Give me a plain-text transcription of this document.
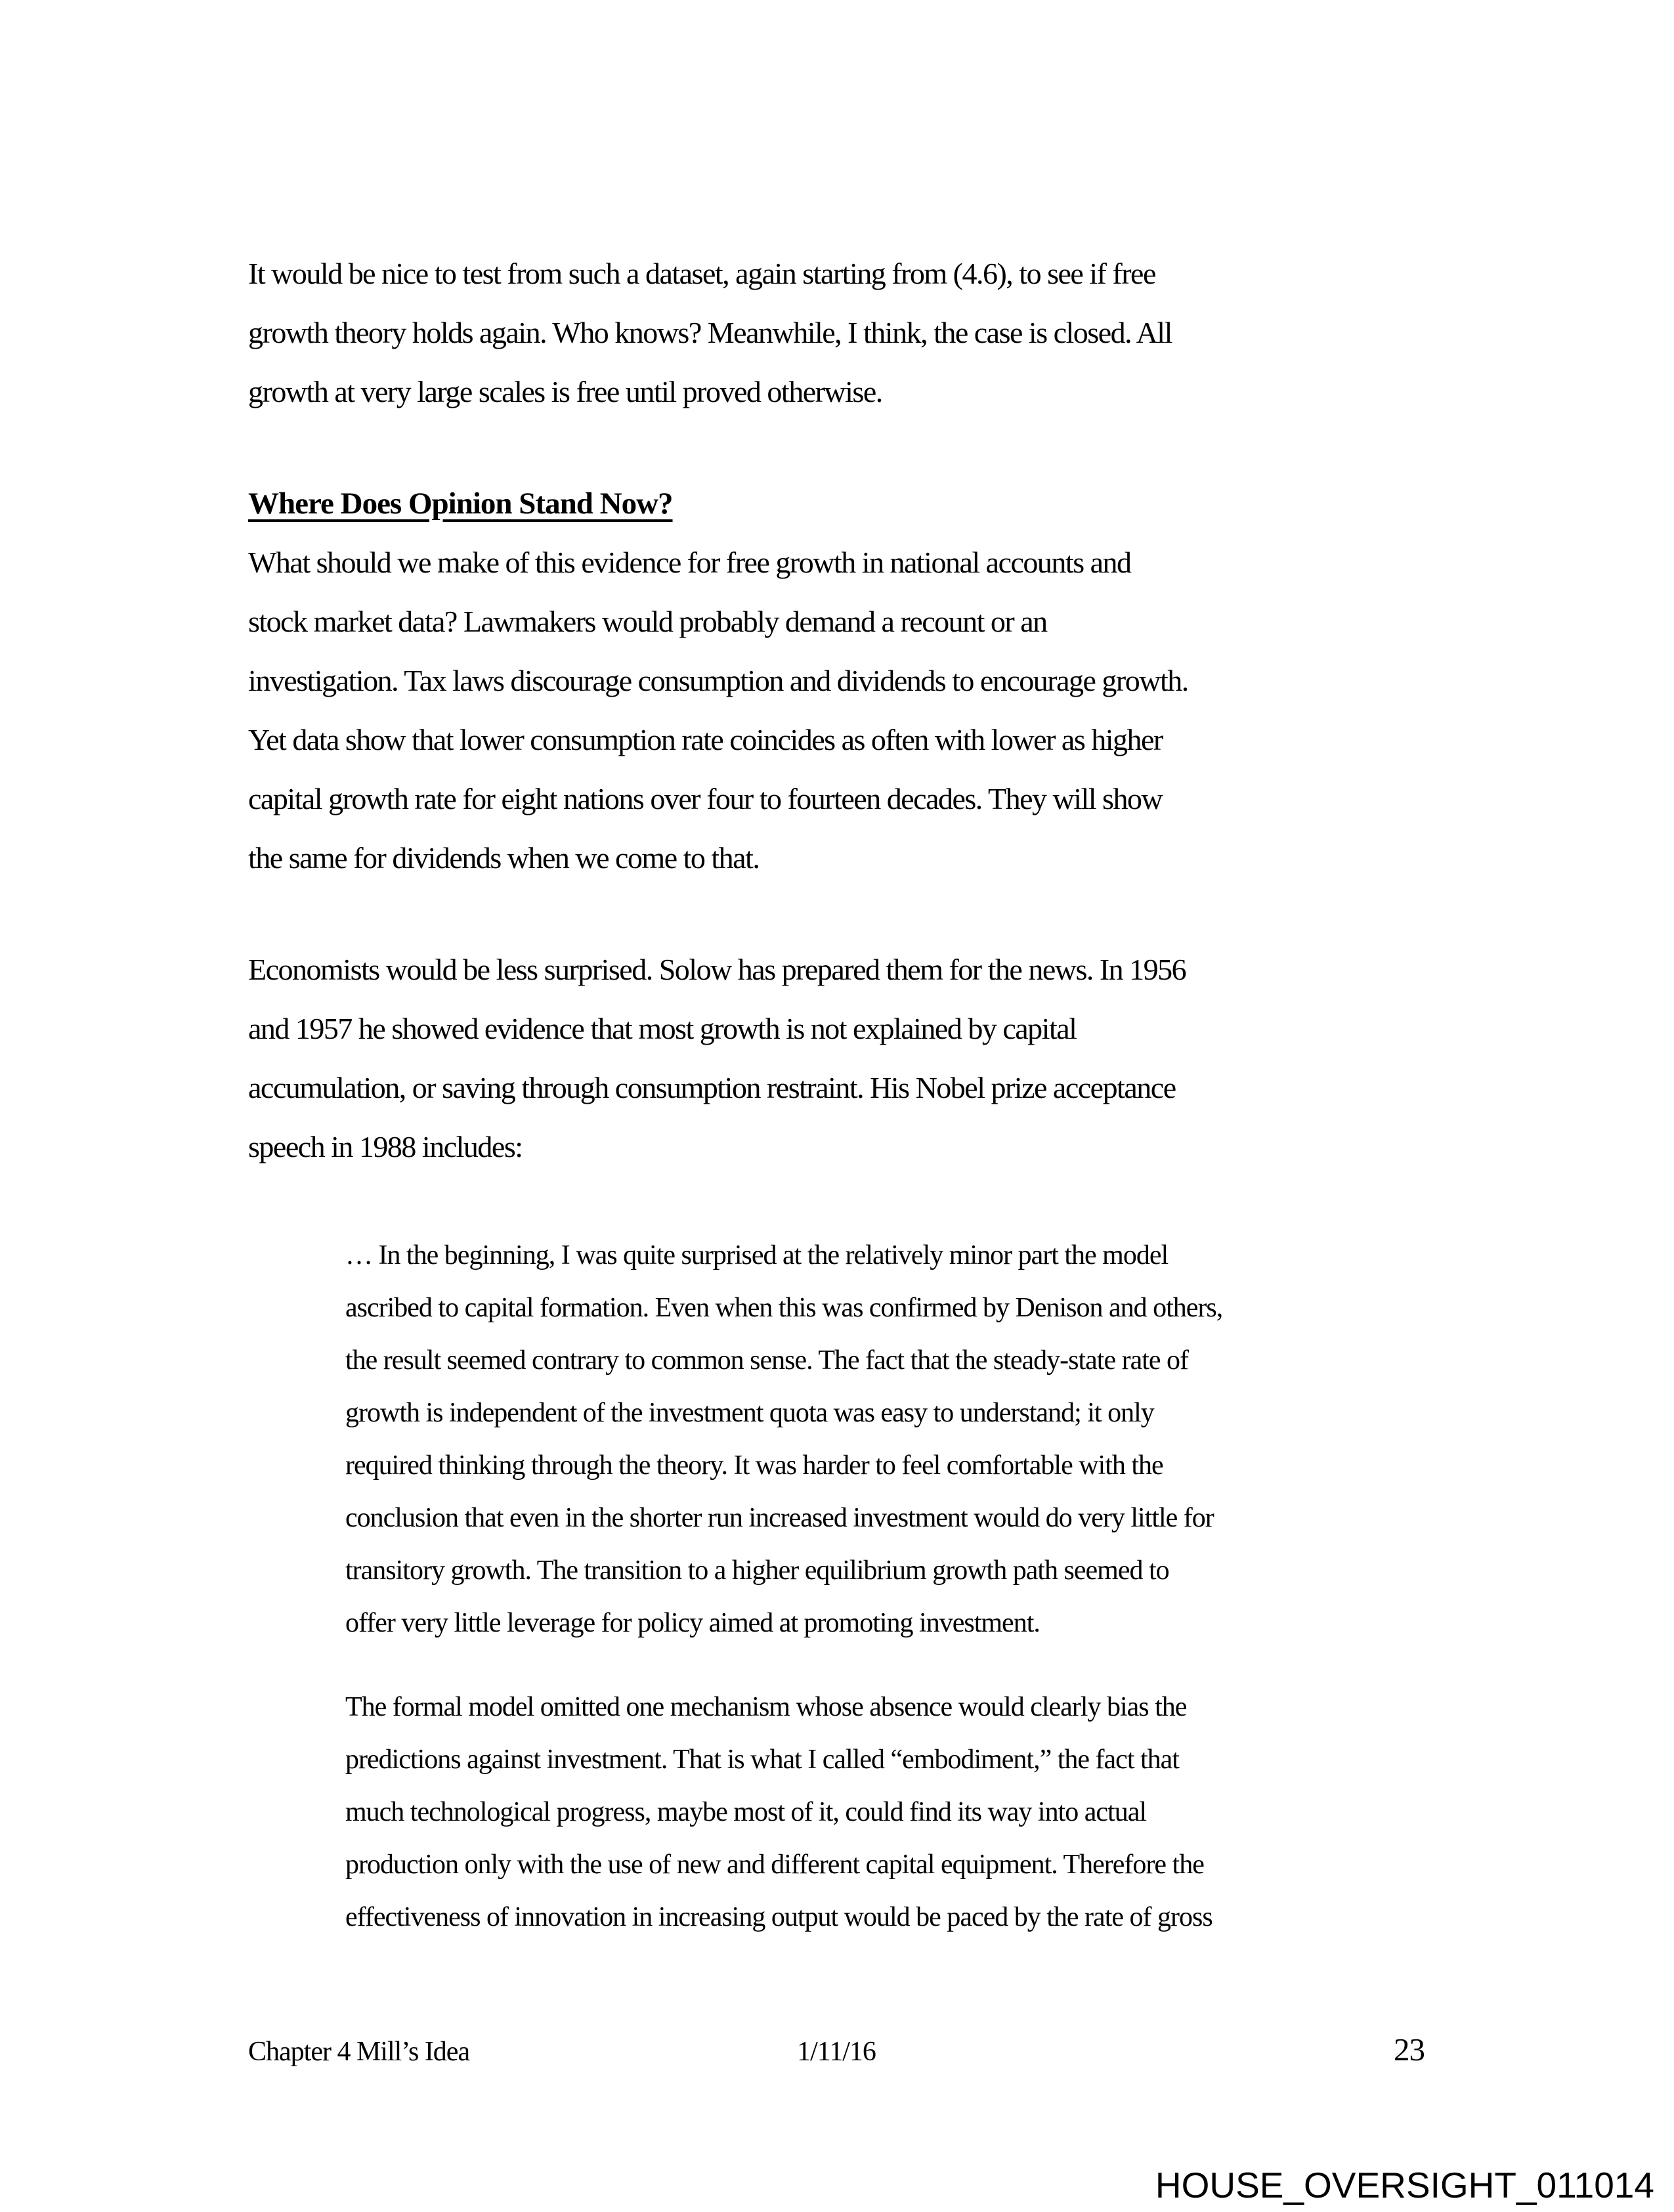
It would be nice to test from such a dataset, again starting from (4.6), to see if free
growth theory holds again. Who knows? Meanwhile, I think, the case is closed. All
growth at very large scales is free until proved otherwise.
Where Does Opinion Stand Now?
What should we make of this evidence for free growth in national accounts and
stock market data? Lawmakers would probably demand a recount or an
investigation. Tax laws discourage consumption and dividends to encourage growth.
Yet data show that lower consumption rate coincides as often with lower as higher
capital growth rate for eight nations over four to fourteen decades. They will show
the same for dividends when we come to that.
Economists would be less surprised. Solow has prepared them for the news. In 1956
and 1957 he showed evidence that most growth is not explained by capital
accumulation, or saving through consumption restraint. His Nobel prize acceptance
speech in 1988 includes:
… In the beginning, I was quite surprised at the relatively minor part the model
ascribed to capital formation. Even when this was confirmed by Denison and others,
the result seemed contrary to common sense. The fact that the steady-state rate of
growth is independent of the investment quota was easy to understand; it only
required thinking through the theory. It was harder to feel comfortable with the
conclusion that even in the shorter run increased investment would do very little for
transitory growth. The transition to a higher equilibrium growth path seemed to
offer very little leverage for policy aimed at promoting investment.
The formal model omitted one mechanism whose absence would clearly bias the
predictions against investment. That is what I called “embodiment,” the fact that
much technological progress, maybe most of it, could find its way into actual
production only with the use of new and different capital equipment. Therefore the
effectiveness of innovation in increasing output would be paced by the rate of gross
Chapter 4 Mill’s Idea	1/11/16	23
HOUSE_OVERSIGHT_011014
